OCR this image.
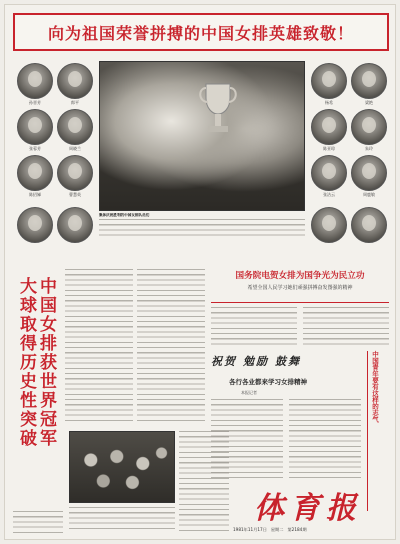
向为祖国荣誉拼搏的中国女排英雄致敬！
孙晋芳	郎平
张蓉芳	周晓兰
陈招娣	曹慧英
杨希	梁艳
陈亚琼	朱玲
张洁云	周鹿敏
集体庆祝胜利的中国女排队员们
大球取得历史性突破 中国女排获世界冠军
国务院电贺女排为国争光为民立功
希望全国人民学习她们顽强拼搏奋发图强的精神
祝贺 勉励 鼓舞
各行各业都来学习女排精神
本报记者	中国青年要有这样的志气
体育报
1981年11月17日 星期二 第2184期
